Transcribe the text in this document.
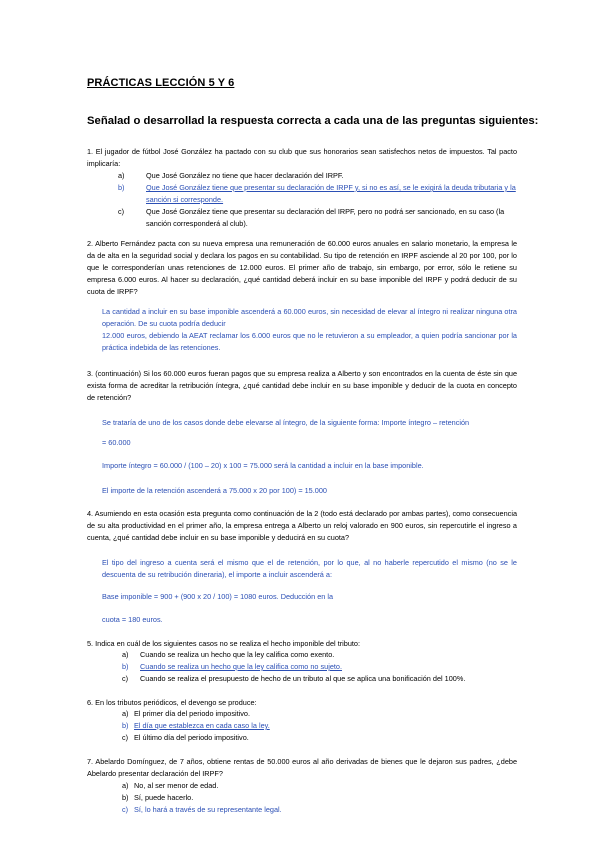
PRÁCTICAS LECCIÓN 5 Y 6
Señalad o desarrollad la respuesta correcta a cada una de las preguntas siguientes:
1. El jugador de fútbol José González ha pactado con su club que sus honorarios sean satisfechos netos de impuestos. Tal pacto implicaría:
a)	Que José González no tiene que hacer declaración del IRPF.
b)	Que José González tiene que presentar su declaración de IRPF y, si no es así, se le exigirá la deuda tributaria y la sanción si corresponde.
c)	Que José González tiene que presentar su declaración del IRPF, pero no podrá ser sancionado, en su caso (la sanción corresponderá al club).
2. Alberto Fernández pacta con su nueva empresa una remuneración de 60.000 euros anuales en salario monetario, la empresa le da de alta en la seguridad social y declara los pagos en su contabilidad. Su tipo de retención en IRPF asciende al 20 por 100, por lo que le corresponderían unas retenciones de 12.000 euros. El primer año de trabajo, sin embargo, por error, sólo le retiene su empresa 6.000 euros. Al hacer su declaración, ¿qué cantidad deberá incluir en su base imponible del IRPF y podrá deducir de su cuota de IRPF?

La cantidad a incluir en su base imponible ascenderá a 60.000 euros, sin necesidad de elevar al íntegro ni realizar ninguna otra operación. De su cuota podría deducir

12.000 euros, debiendo la AEAT reclamar los 6.000 euros que no le retuvieron a su empleador, a quien podría sancionar por la práctica indebida de las retenciones.

3. (continuación) Si los 60.000 euros fueran pagos que su empresa realiza a Alberto y son encontrados en la cuenta de éste sin que exista forma de acreditar la retribución íntegra, ¿qué cantidad debe incluir en su base imponible y deducir de la cuota en concepto de retención?
Se trataría de uno de los casos donde debe elevarse al íntegro, de la siguiente forma: Importe íntegro – retención
= 60.000
Importe íntegro = 60.000 / (100 – 20) x 100 = 75.000 será la cantidad a incluir en la base imponible.
El importe de la retención ascenderá a 75.000 x 20 por 100) = 15.000
4. Asumiendo en esta ocasión esta pregunta como continuación de la 2 (todo está declarado por ambas partes), como consecuencia de su alta productividad en el primer año, la empresa entrega a Alberto un reloj valorado en 900 euros, sin repercutirle el ingreso a cuenta, ¿qué cantidad debe incluir en su base imponible y deducirá en su cuota?
El tipo del ingreso a cuenta será el mismo que el de retención, por lo que, al no haberle repercutido el mismo (no se le descuenta de su retribución dineraria), el importe a incluir ascenderá a:
Base imponible = 900 + (900 x 20 / 100) = 1080 euros. Deducción en la
cuota = 180 euros.
5. Indica en cuál de los siguientes casos no se realiza el hecho imponible del tributo:
a) Cuando se realiza un hecho que la ley califica como exento.
b) Cuando se realiza un hecho que la ley califica como no sujeto.
c) Cuando se realiza el presupuesto de hecho de un tributo al que se aplica una bonificación del 100%.
6. En los tributos periódicos, el devengo se produce:
a) El primer día del periodo impositivo.
b) El día que establezca en cada caso la ley.
c) El último día del periodo impositivo.
7. Abelardo Domínguez, de 7 años, obtiene rentas de 50.000 euros al año derivadas de bienes que le dejaron sus padres, ¿debe Abelardo presentar declaración del IRPF?
a) No, al ser menor de edad.
b) Sí, puede hacerlo.
c) Sí, lo hará a través de su representante legal.
